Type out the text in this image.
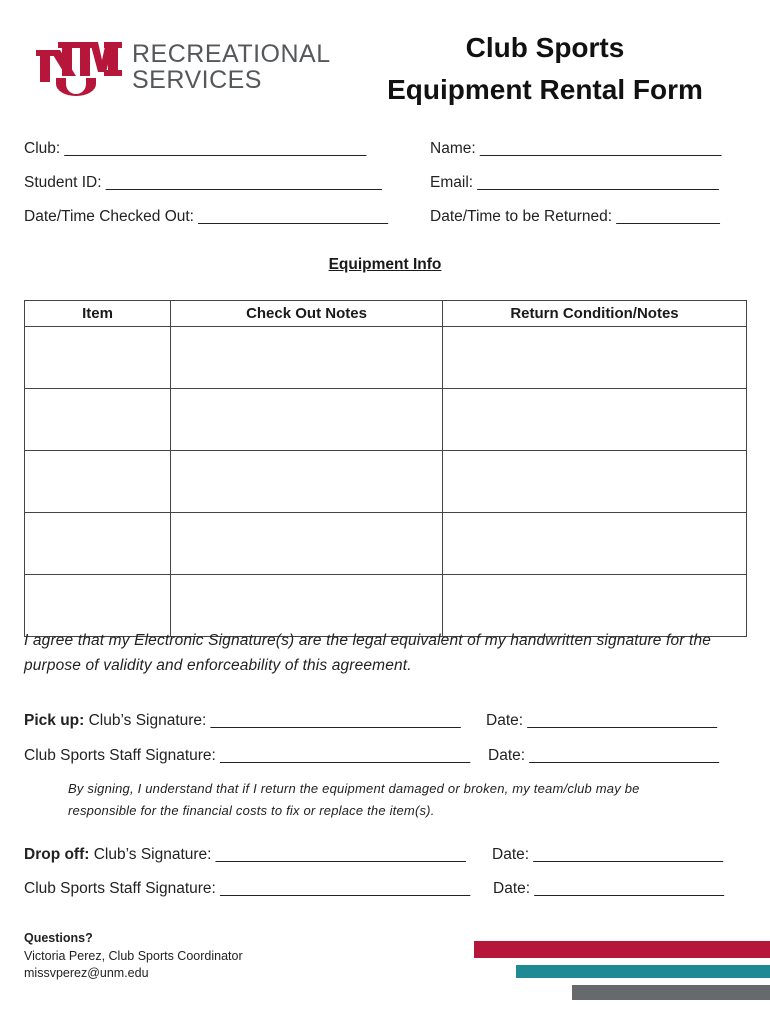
RECREATIONAL
SERVICES
Club Sports
Equipment Rental Form
Club: ___________________________________	Name: ____________________________
Student ID: ________________________________	Email: ____________________________
Date/Time Checked Out: ______________________	Date/Time to be Returned: ____________
Equipment Info
Item	Check Out Notes	Return Condition/Notes

I agree that my Electronic Signature(s) are the legal equivalent of my handwritten signature for the purpose of validity and enforceability of this agreement.
Pick up: Club’s Signature: _____________________________ Date: ______________________
Club Sports Staff Signature: _____________________________ Date: ______________________
By signing, I understand that if I return the equipment damaged or broken, my team/club may be responsible for the financial costs to fix or replace the item(s).
Drop off: Club’s Signature: _____________________________ Date: ______________________
Club Sports Staff Signature: _____________________________ Date: ______________________
Questions?
Victoria Perez, Club Sports Coordinator
missvperez@unm.edu
